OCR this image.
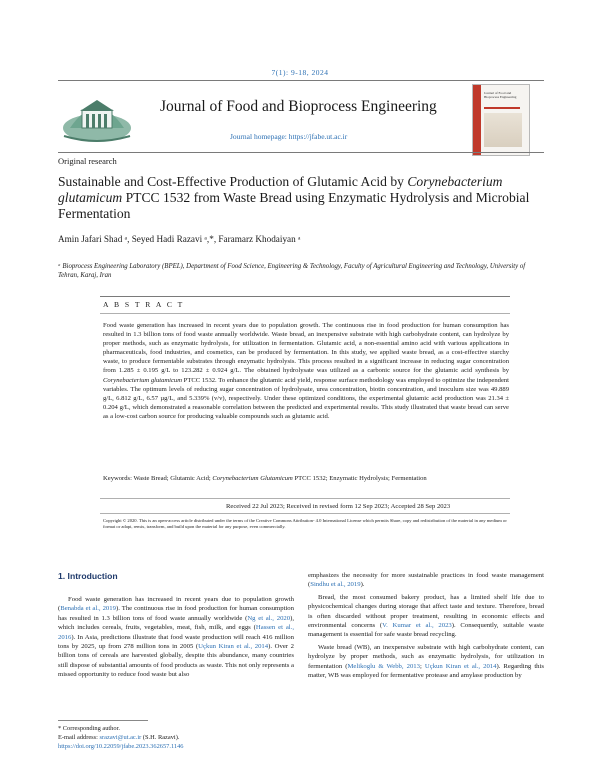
7(1): 9-18, 2024
Journal of Food and Bioprocess Engineering
Journal homepage: https://jfabe.ut.ac.ir
Journal of Food and Bioprocess Engineering
Original research
Sustainable and Cost-Effective Production of Glutamic Acid by Corynebacterium glutamicum PTCC 1532 from Waste Bread using Enzymatic Hydrolysis and Microbial Fermentation
Amin Jafari Shad ᵃ, Seyed Hadi Razavi ᵃ,*, Faramarz Khodaiyan ᵃ
ᵃ Bioprocess Engineering Laboratory (BPEL), Department of Food Science, Engineering & Technology, Faculty of Agricultural Engineering and Technology, University of Tehran, Karaj, Iran
A B S T R A C T
Food waste generation has increased in recent years due to population growth. The continuous rise in food production for human consumption has resulted in 1.3 billion tons of food waste annually worldwide. Waste bread, an inexpensive substrate with high carbohydrate content, can hydrolyze by proper methods, such as enzymatic hydrolysis, for utilization in fermentation. Glutamic acid, a non-essential amino acid with various applications in pharmaceuticals, food industries, and cosmetics, can be produced by fermentation. In this study, we applied waste bread, as a cost-effective starchy waste, to produce fermentable substrates through enzymatic hydrolysis. This process resulted in a significant increase in reducing sugar concentration from 1.285 ± 0.195 g/L to 123.282 ± 0.924 g/L. The obtained hydrolysate was utilized as a carbonic source for the glutamic acid synthesis by Corynebacterium glutamicum PTCC 1532. To enhance the glutamic acid yield, response surface methodology was employed to optimize the independent variables. The optimum levels of reducing sugar concentration of hydrolysate, urea concentration, biotin concentration, and inoculum size was 49.889 g/L, 6.812 g/L, 6.57 µg/L, and 5.339% (v/v), respectively. Under these optimized conditions, the experimental glutamic acid production was 21.34 ± 0.204 g/L, which demonstrated a reasonable correlation between the predicted and experimental results. This study illustrated that waste bread can serve as a low-cost carbon source for producing valuable compounds such as glutamic acid.
Keywords: Waste Bread; Glutamic Acid; Corynebacterium Glutamicum PTCC 1532; Enzymatic Hydrolysis; Fermentation
Received 22 Jul 2023; Received in revised form 12 Sep 2023; Accepted 28 Sep 2023
Copyright © 2020. This is an open-access article distributed under the terms of the Creative Commons Attribution- 4.0 International License which permits Share, copy and redistribution of the material in any medium or format or adapt, remix, transform, and build upon the material for any purpose, even commercially.
1. Introduction

Food waste generation has increased in recent years due to population growth (Benabda et al., 2019). The continuous rise in food production for human consumption has resulted in 1.3 billion tons of food waste annually worldwide (Ng et al., 2020), which includes cereals, fruits, vegetables, meat, fish, milk, and eggs (Hassen et al., 2016). In Asia, predictions illustrate that food waste production will reach 416 million tons by 2025, up from 278 million tons in 2005 (Uçkun Kiran et al., 2014). Over 2 billion tons of cereals are harvested globally, despite this abundance, many countries still dispose of substantial amounts of food products as waste. This not only represents a missed opportunity to reduce food waste but also

emphasizes the necessity for more sustainable practices in food waste management (Sindhu et al., 2019).

Bread, the most consumed bakery product, has a limited shelf life due to physicochemical changes during storage that affect taste and texture. Therefore, bread is often discarded without proper treatment, resulting in economic effects and environmental concerns (V. Kumar et al., 2023). Consequently, suitable waste management is essential for safe waste bread recycling.

Waste bread (WB), an inexpensive substrate with high carbohydrate content, can hydrolyze by proper methods, such as enzymatic hydrolysis, for utilization in fermentation (Melikoglu & Webb, 2013; Uçkun Kiran et al., 2014). Regarding this matter, WB was employed for fermentative protease and amylase production by

* Corresponding author.
E-mail address: srazavi@ut.ac.ir (S.H. Razavi).
https://doi.org/10.22059/jfabe.2023.362657.1146
